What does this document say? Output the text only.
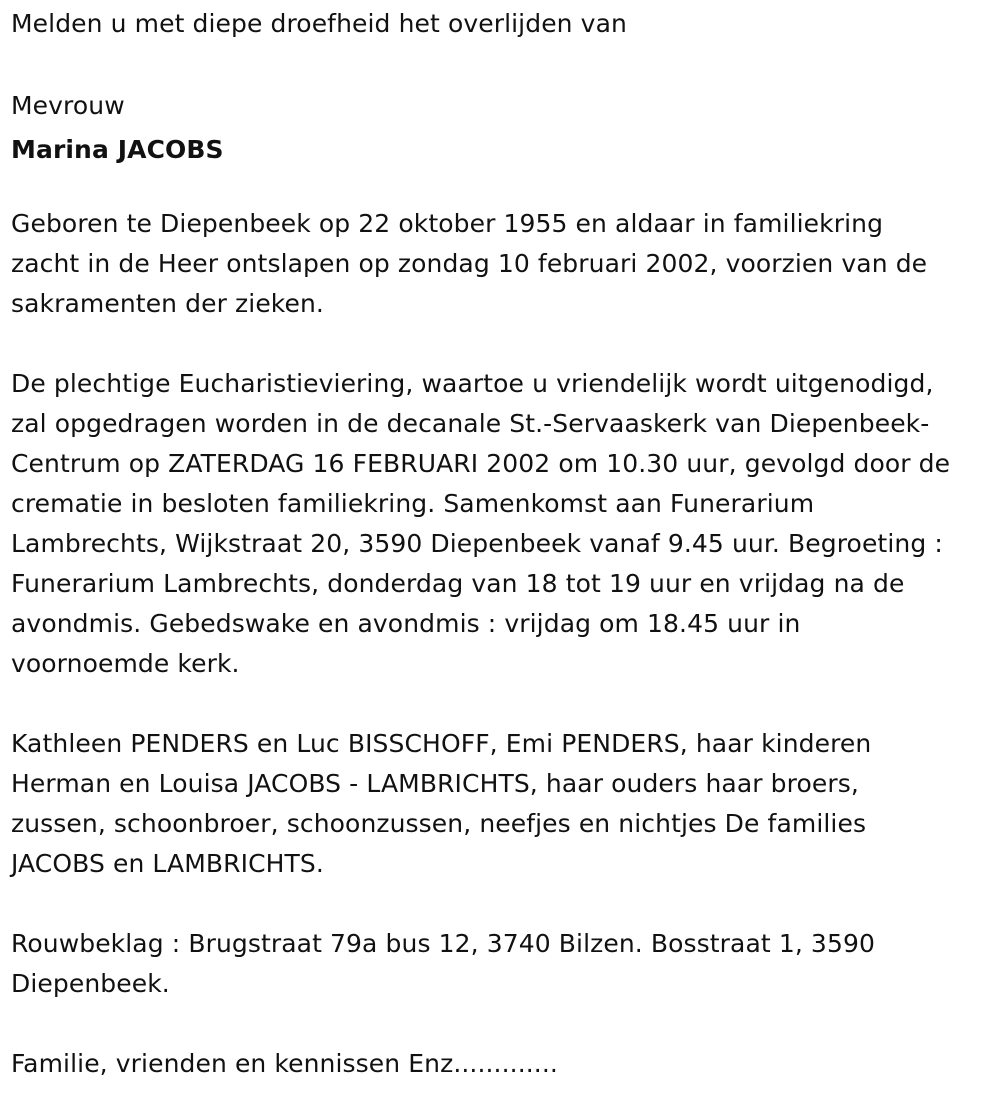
Melden u met diepe droefheid het overlijden van

Mevrouw

Marina JACOBS

Geboren te Diepenbeek op 22 oktober 1955 en aldaar in familiekring

zacht in de Heer ontslapen op zondag 10 februari 2002, voorzien van de

sakramenten der zieken.

De plechtige Eucharistieviering, waartoe u vriendelijk wordt uitgenodigd,

zal opgedragen worden in de decanale St.-Servaaskerk van Diepenbeek-

Centrum op ZATERDAG 16 FEBRUARI 2002 om 10.30 uur, gevolgd door de

crematie in besloten familiekring. Samenkomst aan Funerarium

Lambrechts, Wijkstraat 20, 3590 Diepenbeek vanaf 9.45 uur. Begroeting :

Funerarium Lambrechts, donderdag van 18 tot 19 uur en vrijdag na de

avondmis. Gebedswake en avondmis : vrijdag om 18.45 uur in

voornoemde kerk.

Kathleen PENDERS en Luc BISSCHOFF, Emi PENDERS, haar kinderen

Herman en Louisa JACOBS - LAMBRICHTS, haar ouders haar broers,

zussen, schoonbroer, schoonzussen, neefjes en nichtjes De families

JACOBS en LAMBRICHTS.

Rouwbeklag : Brugstraat 79a bus 12, 3740 Bilzen. Bosstraat 1, 3590

Diepenbeek.

Familie, vrienden en kennissen Enz.............
